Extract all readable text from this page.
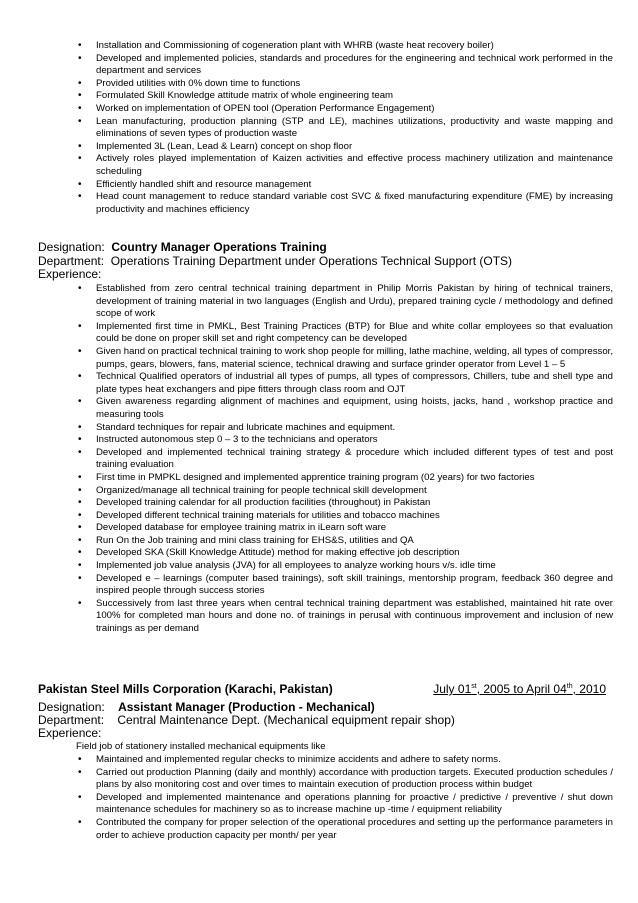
• Installation and Commissioning of cogeneration plant with WHRB (waste heat recovery boiler)
• Developed and implemented policies, standards and procedures for the engineering and technical work performed in the department and services
• Provided utilities with 0% down time to functions
• Formulated Skill Knowledge attitude matrix of whole engineering team
• Worked on implementation of OPEN tool (Operation Performance Engagement)
• Lean manufacturing, production planning (STP and LE), machines utilizations, productivity and waste mapping and eliminations of seven types of production waste
• Implemented 3L (Lean, Lead & Learn) concept on shop floor
• Actively roles played implementation of Kaizen activities and effective process machinery utilization and maintenance scheduling
• Efficiently handled shift and resource management
• Head count management to reduce standard variable cost SVC & fixed manufacturing expenditure (FME) by increasing productivity and machines efficiency
Designation: Country Manager Operations Training
Department: Operations Training Department under Operations Technical Support (OTS)
Experience:
• Established from zero central technical training department in Philip Morris Pakistan by hiring of technical trainers, development of training material in two languages (English and Urdu), prepared training cycle / methodology and defined scope of work
• Implemented first time in PMKL, Best Training Practices (BTP) for Blue and white collar employees so that evaluation could be done on proper skill set and right competency can be developed
• Given hand on practical technical training to work shop people for milling, lathe machine, welding, all types of compressor, pumps, gears, blowers, fans, material science, technical drawing and surface grinder operator from Level 1 – 5
• Technical Qualified operators of industrial all types of pumps, all types of compressors, Chillers, tube and shell type and plate types heat exchangers and pipe fitters through class room and OJT
• Given awareness regarding alignment of machines and equipment, using hoists, jacks, hand , workshop practice and measuring tools
• Standard techniques for repair and lubricate machines and equipment.
• Instructed autonomous step 0 – 3 to the technicians and operators
• Developed and implemented technical training strategy & procedure which included different types of test and post training evaluation
• First time in PMPKL designed and implemented apprentice training program (02 years) for two factories
• Organized/manage all technical training for people technical skill development
• Developed training calendar for all production facilities (throughout) in Pakistan
• Developed different technical training materials for utilities and tobacco machines
• Developed database for employee training matrix in iLearn soft ware
• Run On the Job training and mini class training for EHS&S, utilities and QA
• Developed SKA (Skill Knowledge Attitude) method for making effective job description
• Implemented job value analysis (JVA) for all employees to analyze working hours v/s. idle time
• Developed e – learnings (computer based trainings), soft skill trainings, mentorship program, feedback 360 degree and inspired people through success stories
• Successively from last three years when central technical training department was established, maintained hit rate over 100% for completed man hours and done no. of trainings in perusal with continuous improvement and inclusion of new trainings as per demand
Pakistan Steel Mills Corporation (Karachi, Pakistan)	July 01st, 2005 to April 04th, 2010
Designation: Assistant Manager (Production - Mechanical)
Department: Central Maintenance Dept. (Mechanical equipment repair shop)
Experience:
Field job of stationery installed mechanical equipments like
• Maintained and implemented regular checks to minimize accidents and adhere to safety norms.
• Carried out production Planning (daily and monthly) accordance with production targets. Executed production schedules / plans by also monitoring cost and over times to maintain execution of production process within budget
• Developed and implemented maintenance and operations planning for proactive / predictive / preventive / shut down maintenance schedules for machinery so as to increase machine up -time / equipment reliability
• Contributed the company for proper selection of the operational procedures and setting up the performance parameters in order to achieve production capacity per month/ per year
